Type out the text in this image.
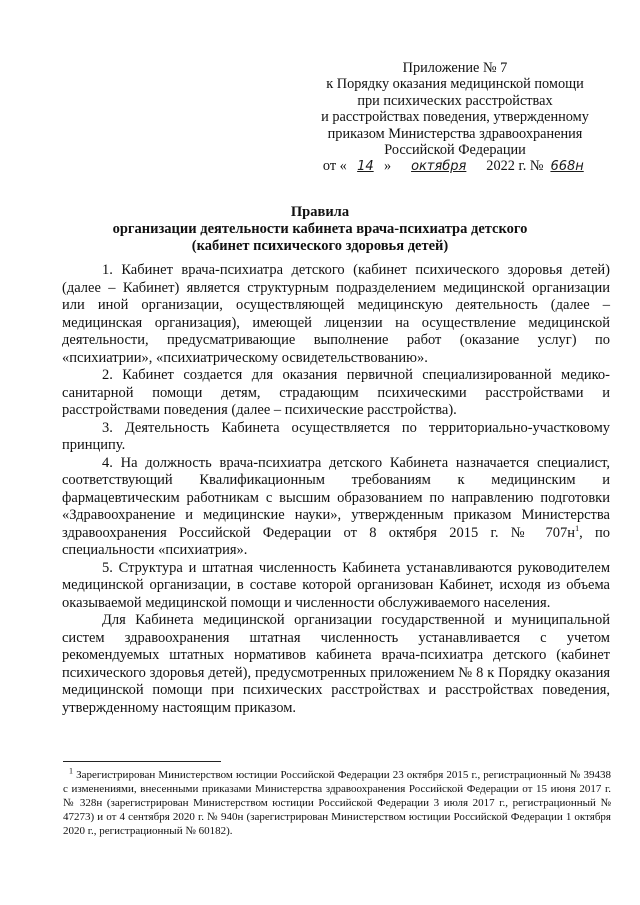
Приложение № 7
к Порядку оказания медицинской помощи
при психических расстройствах
и расстройствах поведения, утвержденному
приказом Министерства здравоохранения
Российской Федерации
от « 14 » октября 2022 г. № 668н
Правила
организации деятельности кабинета врача-психиатра детского
(кабинет психического здоровья детей)

1. Кабинет врача-психиатра детского (кабинет психического здоровья детей) (далее – Кабинет) является структурным подразделением медицинской организации или иной организации, осуществляющей медицинскую деятельность (далее – медицинская организация), имеющей лицензии на осуществление медицинской деятельности, предусматривающие выполнение работ (оказание услуг) по «психиатрии», «психиатрическому освидетельствованию».

2. Кабинет создается для оказания первичной специализированной медико-санитарной помощи детям, страдающим психическими расстройствами и расстройствами поведения (далее – психические расстройства).

3. Деятельность Кабинета осуществляется по территориально-участковому принципу.

4. На должность врача-психиатра детского Кабинета назначается специалист, соответствующий Квалификационным требованиям к медицинским и фармацевтическим работникам с высшим образованием по направлению подготовки «Здравоохранение и медицинские науки», утвержденным приказом Министерства здравоохранения Российской Федерации от 8 октября 2015 г. № $707н^1$, по специальности «психиатрия».

5. Структура и штатная численность Кабинета устанавливаются руководителем медицинской организации, в составе которой организован Кабинет, исходя из объема оказываемой медицинской помощи и численности обслуживаемого населения.

Для Кабинета медицинской организации государственной и муниципальной систем здравоохранения штатная численность устанавливается с учетом рекомендуемых штатных нормативов кабинета врача-психиатра детского (кабинет психического здоровья детей), предусмотренных приложением № 8 к Порядку оказания медицинской помощи при психических расстройствах и расстройствах поведения, утвержденному настоящим приказом.

$^1$ Зарегистрирован Министерством юстиции Российской Федерации 23 октября 2015 г., регистрационный № 39438 с изменениями, внесенными приказами Министерства здравоохранения Российской Федерации от 15 июня 2017 г. № 328н (зарегистрирован Министерством юстиции Российской Федерации 3 июля 2017 г., регистрационный № 47273) и от 4 сентября 2020 г. № 940н (зарегистрирован Министерством юстиции Российской Федерации 1 октября 2020 г., регистрационный № 60182).
